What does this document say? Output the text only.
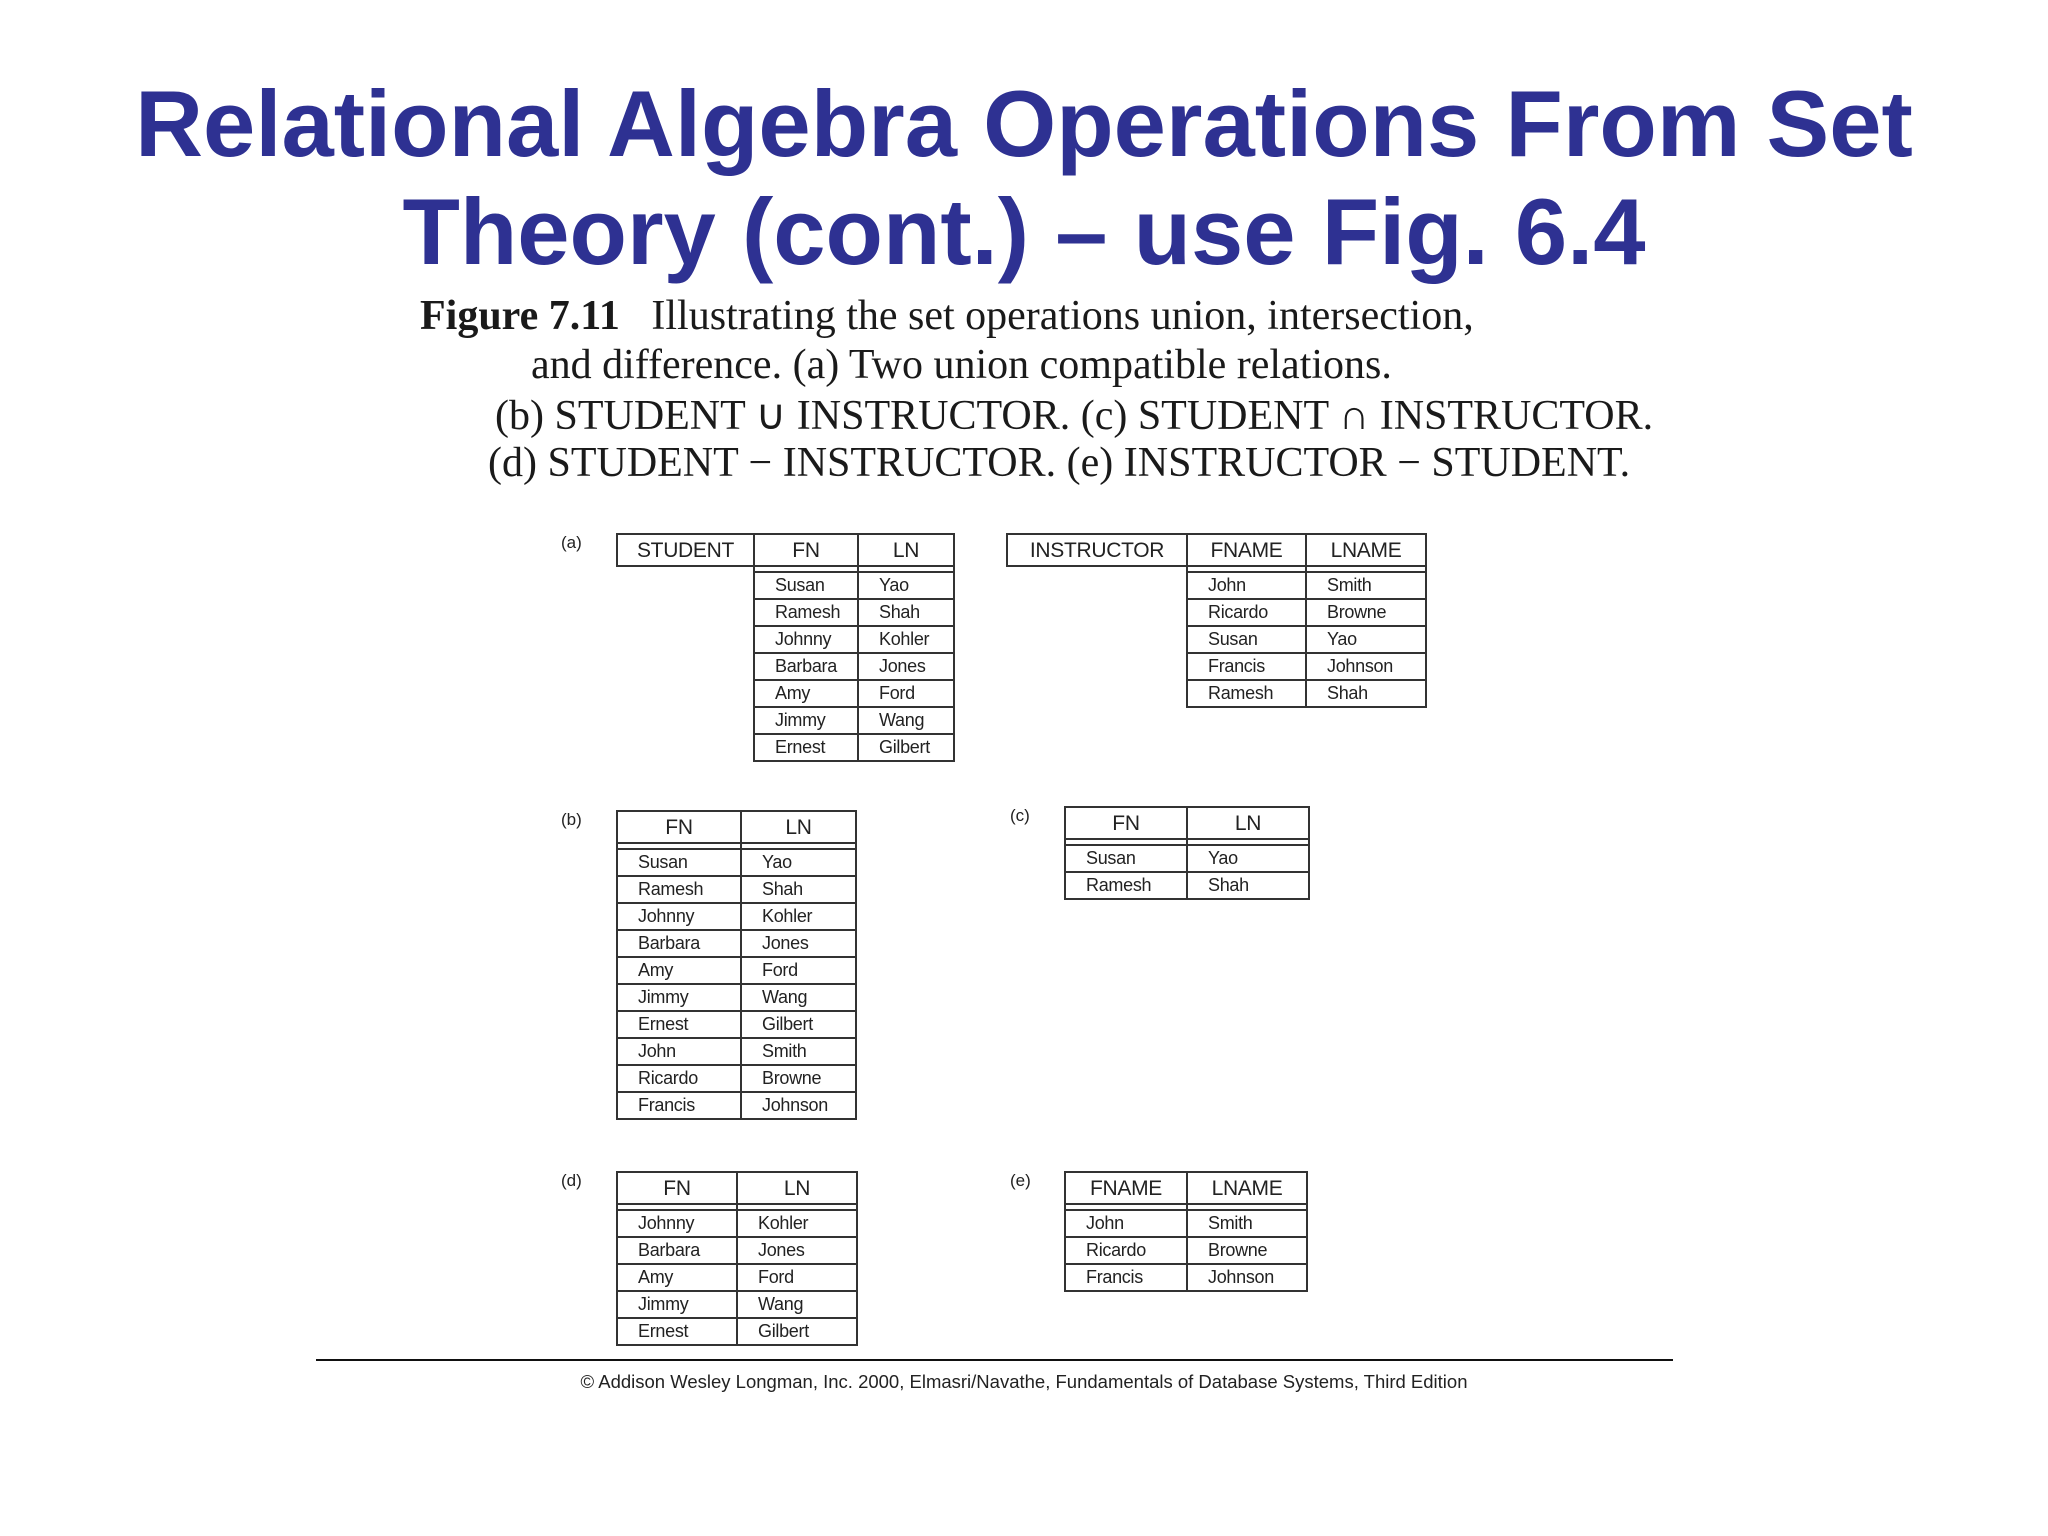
Relational Algebra Operations From Set
Theory (cont.) – use Fig. 6.4
Figure 7.11 Illustrating the set operations union, intersection,
and difference. (a) Two union compatible relations.
(b) STUDENT ∪ INSTRUCTOR. (c) STUDENT ∩ INSTRUCTOR.
(d) STUDENT − INSTRUCTOR. (e) INSTRUCTOR − STUDENT.
(a)	STUDENT	FN	LN

	Susan	Yao
	Ramesh	Shah
	Johnny	Kohler
	Barbara	Jones
	Amy	Ford
	Jimmy	Wang
	Ernest	Gilbert
INSTRUCTOR	FNAME	LNAME

	John	Smith
	Ricardo	Browne
	Susan	Yao
	Francis	Johnson
	Ramesh	Shah
(b)	FN	LN

Susan	Yao
Ramesh	Shah
Johnny	Kohler
Barbara	Jones
Amy	Ford
Jimmy	Wang
Ernest	Gilbert
John	Smith
Ricardo	Browne
Francis	Johnson
(c)	FN	LN

Susan	Yao
Ramesh	Shah
(d)	FN	LN

Johnny	Kohler
Barbara	Jones
Amy	Ford
Jimmy	Wang
Ernest	Gilbert
(e)	FNAME	LNAME

John	Smith
Ricardo	Browne
Francis	Johnson
© Addison Wesley Longman, Inc. 2000, Elmasri/Navathe, Fundamentals of Database Systems, Third Edition
